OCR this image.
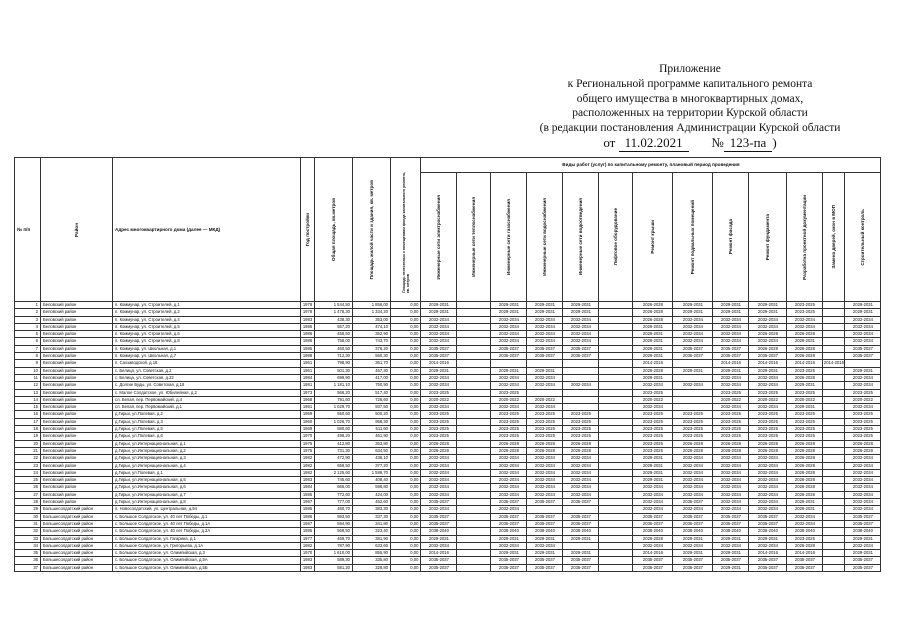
Приложение
к Региональной программе капитального ремонта
общего имущества в многоквартирных домах,
расположенных на территории Курской области
(в редакции постановления Администрации Курской области
от 11.02.2021 № 123-па )
№ п/п	Район	Адрес многоквартирного дома (далее — МКД)	Год постройки	Общая площадь, кв.метров	Площадь жилой части и здания, кв. метров	Площадь отнесенных к помещениям фонда капитального ремонта, кв. метров	Виды работ (услуг) по капитальному ремонту, плановый период проведения												

							Инженерные сети электроснабжения	Инженерные сети теплоснабжения	Инженерные сети газоснабжения	Инженерные сети водоснабжения	Инженерные сети водоотведения	Лифтовое оборудование	Ремонт крыши	Ремонт подвальных помещений	Ремонт фасада	Ремонт фундамента	Разработка проектной документации	Замена дверей, окон в МОП	Строительный контроль

1	Беловский район	п. Коммунар, ул. Строителей, д.1	1978	1 544,50	1 856,00	0,00	2029-2031		2029-2031	2029-2031	2029-2031		2026-2028	2029-2031	2029-2031	2029-2031	2023-2025		2029-2031
2	Беловский район	п. Коммунар, ул. Строителей, д.2	1978	1 478,30	1 334,20	0,00	2029-2031		2029-2031	2029-2031	2029-2031		2026-2028	2029-2031	2029-2031	2029-2031	2023-2025		2029-2031
3	Беловский район	п. Коммунар, ул. Строителей, д.4	1983	438,30	353,00	0,00	2032-2034		2032-2034	2032-2034	2032-2034		2026-2028	2032-2034	2032-2034	2032-2034	2032-2034		2032-2034
4	Беловский район	п. Коммунар, ул. Строителей, д.5	1985	557,20	474,10	0,00	2032-2034		2032-2034	2032-2034	2032-2034		2029-2031	2032-2034	2032-2034	2032-2034	2032-2034		2032-2034
5	Беловский район	п. Коммунар, ул. Строителей, д.6	1986	458,50	352,90	0,00	2032-2034		2032-2034	2032-2034	2032-2034		2029-2031	2032-2034	2032-2034	2026-2028	2026-2028		2032-2034
6	Беловский район	п. Коммунар, ул. Строителей, д.8	1986	758,00	743,70	0,00	2032-2034		2032-2034	2032-2034	2032-2034		2029-2031	2032-2034	2032-2034	2032-2034	2029-2031		2032-2034
7	Беловский район	п. Коммунар, ул. Школьная, д.1	1985	460,50	376,20	0,00	2035-2037		2035-2037	2035-2037	2035-2037		2029-2031	2035-2037	2035-2037	2026-2028	2026-2028		2035-2037
8	Беловский район	п. Коммунар, ул. Школьная, д.7	1988	712,30	560,30	0,00	2035-2037		2035-2037	2035-2037	2035-2037		2029-2031	2035-2037	2035-2037	2035-2037	2026-2028		2035-2037
9	Беловский район	п. Сахзаводской, д.18	1961	798,90	361,70	0,00	2014-2016						2014-2016		2014-2016	2014-2016	2014-2016	2014-2016	
10	Беловский район	с. Белица, ул. Советская, д.2	1961	501,30	457,30	0,00	2029-2031		2029-2031	2029-2031			2026-2028	2029-2031	2029-2031	2029-2031	2023-2025		2029-2031
11	Беловский район	с. Белица, ул. Советская, д.22	1984	699,90	417,00	0,00	2032-2034		2032-2034	2032-2034			2029-2031		2032-2034	2032-2034	2026-2028		2032-2034
12	Беловский район	с. Долгие Буды, ул. Советская, д.18	1981	1 181,10	750,90	0,00	2032-2034		2032-2034	2032-2034	2032-2034		2032-2034	2032-2034	2032-2034	2032-2034	2029-2031		2032-2034
13	Беловский район	с. Малое Солдатское, ул. Юбилейная, д.2	1973	566,20	517,40	0,00	2023-2025		2023-2025				2023-2025		2023-2025	2023-2025	2023-2025		2023-2025
14	Беловский район	сл. Белая, пер. Первомайский, д.4	1968	791,60	726,60	0,00	2020-2022		2020-2022	2020-2022			2020-2022		2020-2022	2020-2022	2020-2022		2020-2022
15	Беловский район	сл. Белая, пер. Первомайский, д.1	1981	1 029,70	937,50	0,00	2032-2034		2032-2034	2032-2034			2032-2034		2032-2034	2032-2034	2029-2031		2032-2034
16	Беловский район	д.Гирьи, ул.Полевая, д.2	1969	550,60	500,20	0,00	2023-2025		2023-2025	2023-2025	2023-2025		2023-2025	2023-2025	2023-2025	2023-2025	2023-2025		2023-2025
17	Беловский район	д.Гирьи, ул.Полевая, д.3	1960	1 026,70	958,30	0,00	2023-2025		2023-2025	2023-2025	2023-2025		2023-2025	2023-2025	2023-2025	2023-2025	2023-2025		2023-2025
18	Беловский район	д.Гирьи, ул.Полевая, д.5	1969	580,60	511,60	0,00	2023-2025		2023-2025	2023-2025	2023-2025		2023-2025	2023-2025	2023-2025	2023-2025	2023-2025		2023-2025
19	Беловский район	д.Гирьи, ул.Полевая, д.6	1970	498,20	461,90	0,00	2023-2025		2023-2025	2023-2025	2023-2025		2023-2025	2023-2025	2023-2025	2023-2025	2023-2025		2023-2025
20	Беловский район	д.Гирьи, ул.Интернациональная, д.1	1975	412,80	353,80	0,00	2026-2028		2026-2028	2026-2028	2026-2028		2023-2025	2026-2028	2026-2028	2026-2028	2026-2028		2026-2028
21	Беловский район	д.Гирьи, ул.Интернациональная, д.2	1975	731,30	634,50	0,00	2026-2028		2026-2028	2026-2028	2026-2028		2023-2025	2026-2028	2026-2028	2026-2028	2026-2028		2026-2028
22	Беловский район	д.Гирьи, ул.Интернациональная, д.3	1982	472,90	436,10	0,00	2032-2034		2032-2034	2032-2034	2032-2034		2029-2031	2032-2034	2032-2034	2032-2034	2026-2028		2032-2034
23	Беловский район	д.Гирьи, ул.Интернациональная, д.4	1982	659,50	377,20	0,00	2032-2034		2032-2034	2032-2034	2032-2034		2029-2031	2032-2034	2032-2034	2032-2034	2026-2028		2032-2034
24	Беловский район	д.Гирьи, ул.Полевая, д.1	1982	2 125,60	1 589,70	0,00	2032-2034		2032-2034	2032-2034	2032-2034		2029-2031	2032-2034	2032-2034	2032-2034	2026-2028		2032-2034
25	Беловский район	д.Гирьи, ул.Интернациональная, д.5	1983	745,60	408,40	0,00	2032-2034		2032-2034	2032-2034	2032-2034		2029-2031	2032-2034	2032-2034	2032-2034	2026-2028		2032-2034
26	Беловский район	д.Гирьи, ул.Интернациональная, д.6	1984	666,00	598,80	0,00	2032-2034		2032-2034	2032-2034	2032-2034		2032-2034	2032-2034	2032-2034	2032-2034	2026-2028		2032-2034
27	Беловский район	д.Гирьи, ул.Интернациональная, д.7	1985	772,60	424,00	0,00	2032-2034		2032-2034	2032-2034	2032-2034		2032-2034	2032-2034	2032-2034	2032-2034	2026-2028		2032-2034
28	Беловский район	д.Гирьи, ул.Интернациональная, д.8	1987	777,00	452,60	0,00	2035-2037		2035-2037	2035-2037	2035-2037		2032-2034	2035-2037	2032-2034	2032-2034	2029-2031		2032-2034
29	Большесолдатский район	п. Новосолдатский, ул. Центральная, д.94	1985	480,70	383,30	0,00	2032-2034		2032-2034				2032-2034	2032-2034	2032-2034	2032-2034	2029-2031		2032-2034
30	Большесолдатский район	с. Большое Солдатское, ул. 40 лет Победы, д.1	1986	593,50	337,30	0,00	2035-2037		2035-2037	2035-2037	2035-2037		2035-2037	2035-2037	2035-2037	2035-2037	2032-2034		2035-2037
31	Большесолдатский район	с. Большое Солдатское, ул. 40 лет Победы, д.1А	1987	594,90	341,80	0,00	2035-2037		2035-2037	2035-2037	2035-2037		2035-2037	2035-2037	2035-2037	2035-2037	2032-2034		2035-2037
32	Большесолдатский район	с. Большое Солдатское, ул. 40 лет Победы, д.2А	1985	569,50	323,40	0,00	2038-2040		2038-2040	2038-2040	2038-2040		2038-2040	2038-2040	2038-2040	2038-2040	2038-2040		2038-2040
33	Большесолдатский район	с. Большое Солдатское, ул. Гагарина, д.1	1977	469,70	381,90	0,00	2029-2031		2029-2031	2029-2031	2029-2031		2026-2028	2029-2031	2029-2031	2029-2031	2023-2025		2029-2031
34	Большесолдатский район	с. Большое Солдатское, ул. Григорьева, д.1А	1982	787,90	633,60	0,00	2032-2034		2032-2034	2032-2034			2032-2034	2032-2034	2032-2034	2032-2034	2026-2028		2032-2034
35	Большесолдатский район	с. Большое Солдатское, ул. Олимпийская, д.3	1970	1 610,00	855,90	0,00	2014-2016		2029-2031	2029-2031	2029-2031		2014-2016	2029-2031	2029-2031	2014-2016	2014-2016		2029-2031
36	Большесолдатский район	с. Большое Солдатское, ул. Олимпийская, д.5А	1983	589,30	335,80	0,00	2035-2037		2035-2037	2035-2037	2035-2037		2035-2037	2035-2037	2035-2037	2035-2037	2035-2037		2035-2037
37	Большесолдатский район	с. Большое Солдатское, ул. Олимпийская, д.5Б	1983	581,20	328,80	0,00	2035-2037		2035-2037	2035-2037	2035-2037		2035-2037	2035-2037	2029-2031	2035-2037	2035-2037		2035-2037
